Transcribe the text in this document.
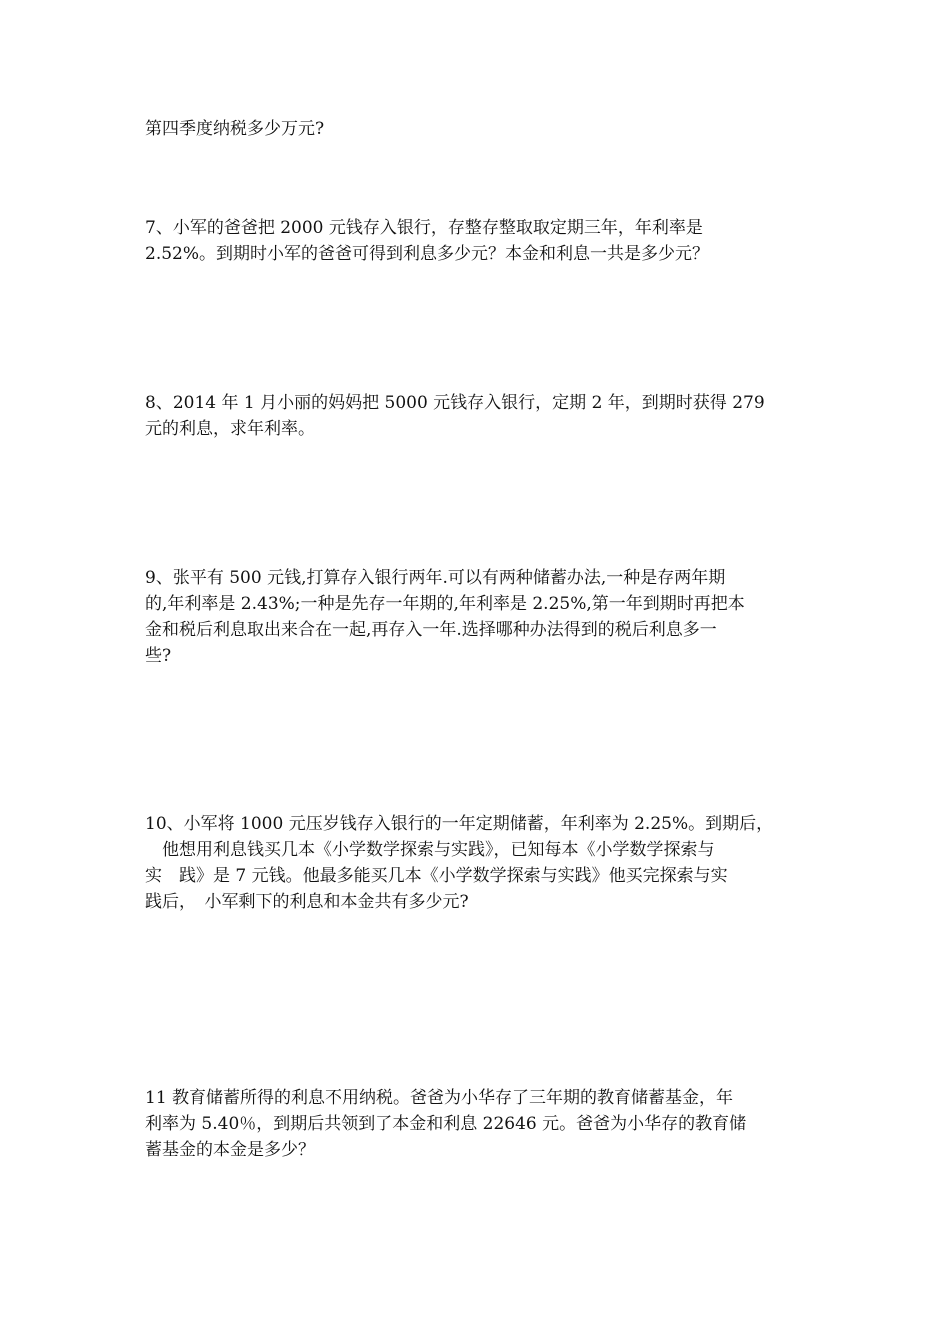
第四季度纳税多少万元?

7、小军的爸爸把 2000 元钱存入银行，存整存整取取定期三年，年利率是
2.52%。到期时小军的爸爸可得到利息多少元？本金和利息一共是多少元？

8、2014 年 1 月小丽的妈妈把 5000 元钱存入银行，定期 2 年，到期时获得 279
元的利息，求年利率。

9、张平有 500 元钱,打算存入银行两年.可以有两种储蓄办法,一种是存两年期
的,年利率是 2.43%;一种是先存一年期的,年利率是 2.25%,第一年到期时再把本
金和税后利息取出来合在一起,再存入一年.选择哪种办法得到的税后利息多一
些?

10、小军将 1000 元压岁钱存入银行的一年定期储蓄，年利率为 2.25%。到期后，
　他想用利息钱买几本《小学数学探索与实践》，已知每本《小学数学探索与
实　践》是 7 元钱。他最多能买几本《小学数学探索与实践》他买完探索与实
践后，　小军剩下的利息和本金共有多少元?

11 教育储蓄所得的利息不用纳税。爸爸为小华存了三年期的教育储蓄基金，年
利率为 5.40％，到期后共领到了本金和利息 22646 元。爸爸为小华存的教育储
蓄基金的本金是多少？
